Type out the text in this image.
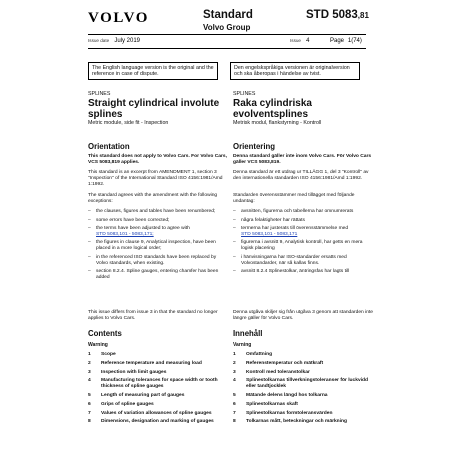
VOLVO	Standard
Volvo Group
STD 5083,81
Issue date July 2019	Issue 4	Page 1(74)
The English language version is the original and the reference in case of dispute.
Den engelskspråkiga versionen är originalversion och ska åberopas i händelse av tvist.
SPLINES
Straight cylindrical involute splines
Metric module, side fit - Inspection
Orientation
This standard does not apply to Volvo Cars. For Volvo Cars, VCS 5083,819 applies.
This standard is an excerpt from AMENDMENT 1, section 3 "Inspection" of the International Standard ISO 4156:1981/Amd 1:1992.
The standard agrees with the amendment with the following exceptions:
– the clauses, figures and tables have been renumbered;
– some errors have been corrected;
– the terms have been adjusted to agree with
STD 5083,101 - 5083,171;
– the figures in clause 9, Analytical inspection, have been placed in a more logical order;
– in the referenced ISO standards have been replaced by Volvo standards, when existing.
– section 8.2.4. Spline gauges, entering chamfer has been added
This issue differs from issue 3 in that the standard no longer applies to Volvo Cars.
Contents
Warning
1	Scope
2	Reference temperature and measuring load
3	Inspection with limit gauges
4	Manufacturing tolerances for space width or tooth thickness of spline gauges
5	Length of measuring part of gauges
6	Grips of spline gauges
7	Values of variation allowances of spline gauges
8	Dimensions, designation and marking of gauges
SPLINES
Raka cylindriska evolventsplines
Metrisk modul, flankstyrning - Kontroll
Orientering
Denna standard gäller inte inom Volvo Cars. För Volvo Cars gäller VCS 5083,819.
Denna standard är ett utdrag ur TILLÄGG 1, del 3 "Kontroll" av den internationella standarden ISO 4156:1981/Amd 1:1992.
Standarden överensstämmer med tillägget med följande undantag:
– avsnitten, figurerna och tabellerna har omnumrerats
– några felaktigheter har rättats
– termerna har justerats till överensstämmelse med
STD 5083,101 - 5083,171
– figurerna i avsnitt 9, Analytisk kontroll, har getts en mera logisk placering
– i hänvisningarna har ISO-standarder ersatts med Volvostandarder, när så kallas finns.
– avsnitt 8.2.4 Splinestolkar, äntringsfas har lagts till
Denna utgåva skiljer sig från utgåva 3 genom att standarden inte längre gäller för Volvo Cars.
Innehåll
Varning
1	Omfattning
2	Referenstemperatur och mätkraft
3	Kontroll med toleranstolkar
4	Splinestolkarnas tillverkningstoleranser för luckvidd eller tandtjocklek
5	Mätande delens längd hos tolkarna
6	Splinestolkarnas skaft
7	Splinestolkarnas formtoleransvärden
8	Tolkarnas mått, beteckningar och märkning
